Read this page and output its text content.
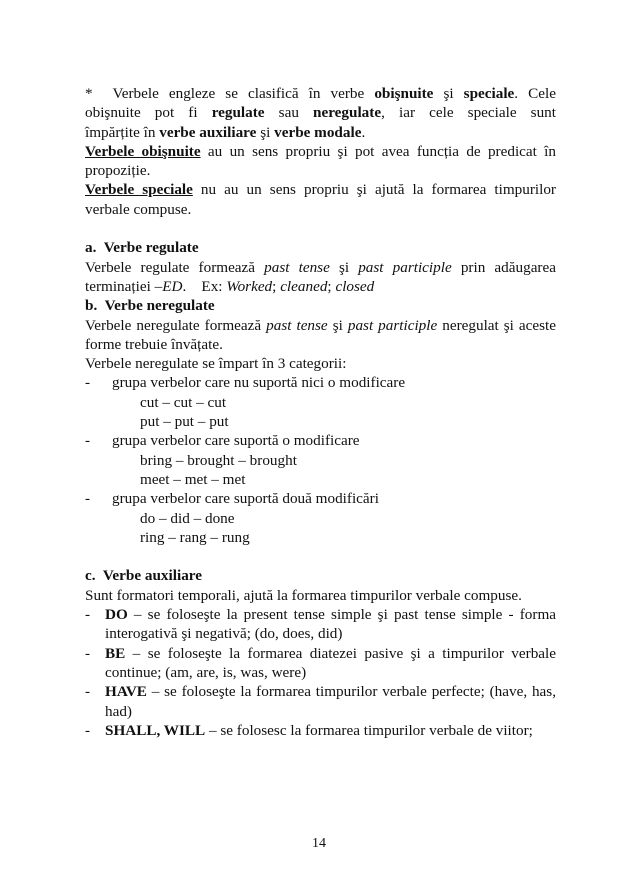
* Verbele engleze se clasifică în verbe obişnuite şi speciale. Cele

obişnuite pot fi regulate sau neregulate, iar cele speciale sunt

împărțite în verbe auxiliare şi verbe modale.

Verbele obişnuite au un sens propriu şi pot avea funcția de predicat în propoziție.

Verbele speciale nu au un sens propriu şi ajută la formarea timpurilor verbale compuse.

a.  Verbe regulate

Verbele regulate formează past tense şi past participle prin adăugarea

terminației –ED.    Ex: Worked; cleaned; closed

b.  Verbe neregulate

Verbele neregulate formează past tense şi past participle neregulat şi aceste forme trebuie învățate.

Verbele neregulate se împart în 3 categorii:

- grupa verbelor care nu suportă nici o modificare

cut – cut – cut

put – put – put

- grupa verbelor care suportă o modificare

bring – brought – brought

meet – met – met

- grupa verbelor care suportă două modificări

do – did – done

ring – rang – rung

c.  Verbe auxiliare

Sunt formatori temporali, ajută la formarea timpurilor verbale compuse.

- DO – se foloseşte la present tense simple şi past tense simple - forma interogativă şi negativă; (do, does, did)

- BE – se foloseşte la formarea diatezei pasive şi a timpurilor verbale continue; (am, are, is, was, were)

- HAVE – se foloseşte la formarea timpurilor verbale perfecte; (have, has, had)

- SHALL, WILL – se folosesc la formarea timpurilor verbale de viitor;

14
